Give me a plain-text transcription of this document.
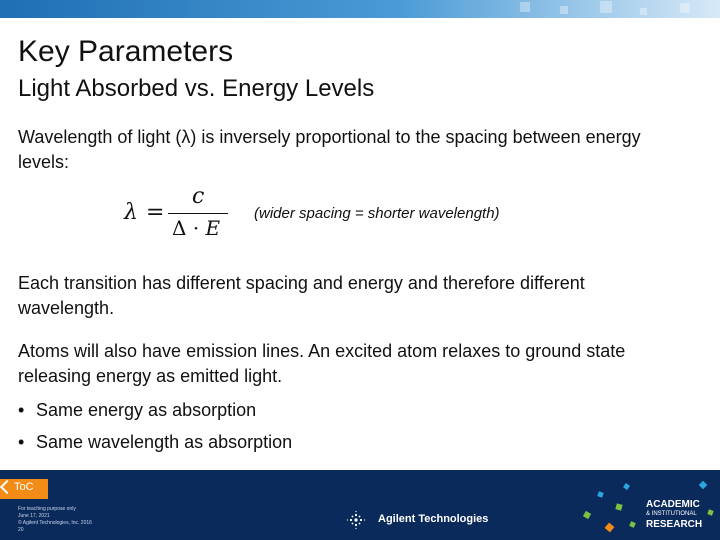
Key Parameters
Light Absorbed vs. Energy Levels
Wavelength of light (λ) is inversely proportional to the spacing between energy levels:
λ =
c
Δ · E
(wider spacing = shorter wavelength)
Each transition has different spacing and energy and therefore different wavelength.
Atoms will also have emission lines. An excited atom relaxes to ground state releasing energy as emitted light.
• Same energy as absorption
• Same wavelength as absorption
ToC
For teaching purpose only
June 17, 2021
© Agilent Technologies, Inc. 2016
20
Agilent Technologies
ACADEMIC
& INSTITUTIONAL
RESEARCH
